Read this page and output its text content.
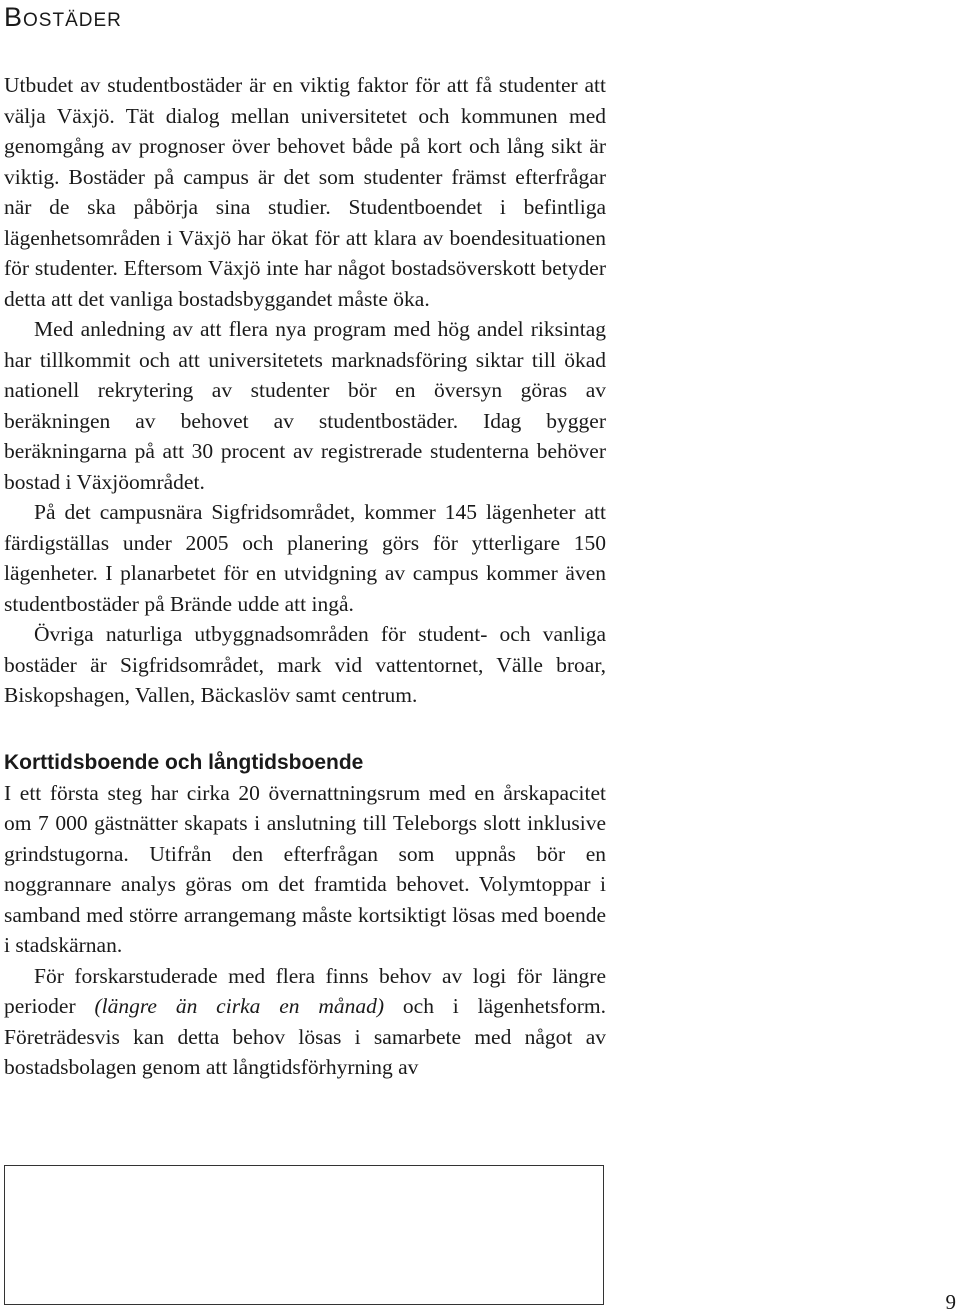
Bostäder

Utbudet av studentbostäder är en viktig faktor för att få studenter att välja Växjö. Tät dialog mellan universitetet och kommunen med genomgång av prognoser över behovet både på kort och lång sikt är viktig. Bostäder på campus är det som studenter främst efterfrågar när de ska påbörja sina studier. Studentboendet i befintliga lägenhetsområden i Växjö har ökat för att klara av boendesituationen för studenter. Eftersom Växjö inte har något bostadsöverskott betyder detta att det vanliga bostadsbyggandet måste öka.

Med anledning av att flera nya program med hög andel riksintag har tillkommit och att universitetets marknadsföring siktar till ökad nationell rekrytering av studenter bör en översyn göras av beräkningen av behovet av studentbostäder. Idag bygger beräkningarna på att 30 procent av registrerade studenterna behöver bostad i Växjöområdet.

På det campusnära Sigfridsområdet, kommer 145 lägenheter att färdigställas under 2005 och planering görs för ytterligare 150 lägenheter. I planarbetet för en utvidgning av campus kommer även studentbostäder på Brände udde att ingå.

Övriga naturliga utbyggnadsområden för student- och vanliga bostäder är Sigfridsområdet, mark vid vattentornet, Välle broar, Biskopshagen, Vallen, Bäckaslöv samt centrum.

Korttidsboende och långtidsboende

I ett första steg har cirka 20 övernattningsrum med en årskapacitet om 7 000 gästnätter skapats i anslutning till Teleborgs slott inklusive grindstugorna. Utifrån den efterfrågan som uppnås bör en noggrannare analys göras om det framtida behovet. Volymtoppar i samband med större arrangemang måste kortsiktigt lösas med boende i stadskärnan.

För forskarstuderade med flera finns behov av logi för längre perioder (längre än cirka en månad) och i lägenhetsform. Företrädesvis kan detta behov lösas i samarbete med något av bostadsbolagen genom att långtidsförhyrning av

9
